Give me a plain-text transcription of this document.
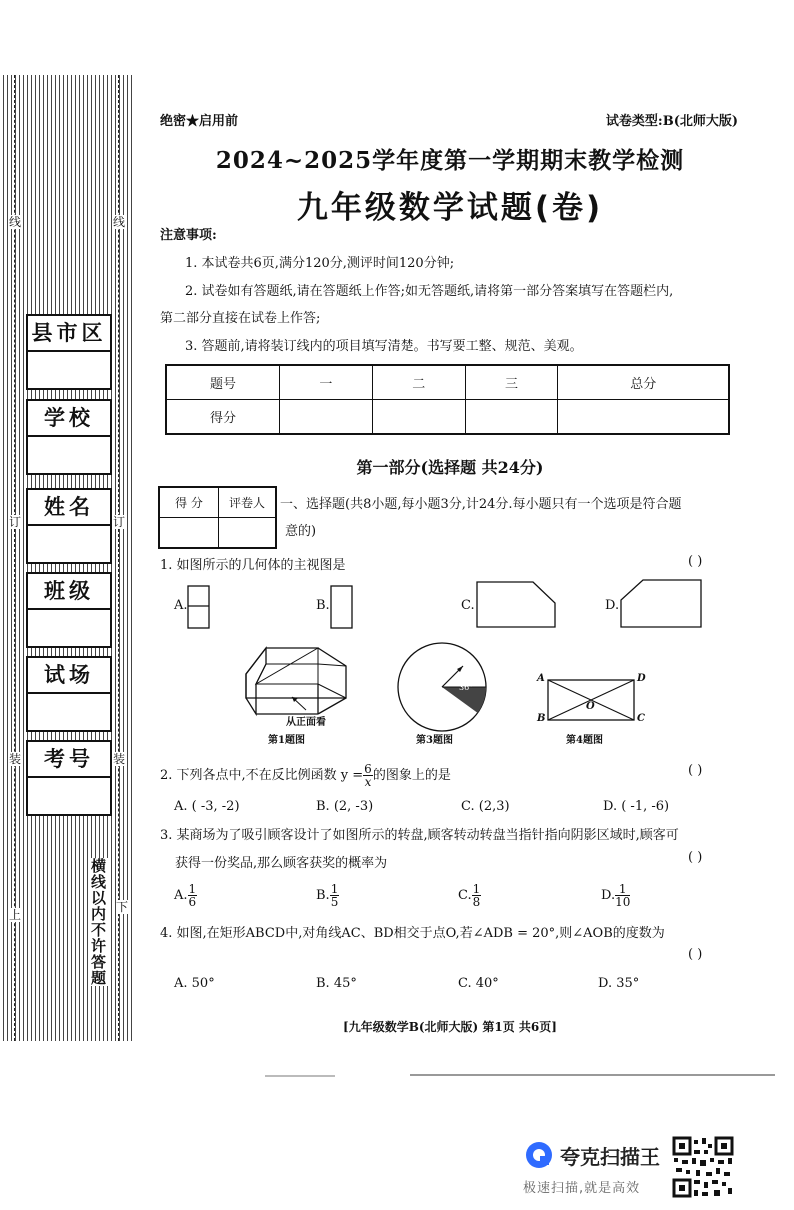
线	线
订	订
装	装
上
下
县市区
学校
姓名
班级
试场
考号
横线以内不许答题
绝密★启用前	试卷类型:B(北师大版)
2024~2025学年度第一学期期末教学检测
九年级数学试题(卷)
注意事项:
1. 本试卷共6页,满分120分,测评时间120分钟;
2. 试卷如有答题纸,请在答题纸上作答;如无答题纸,请将第一部分答案填写在答题栏内,
第二部分直接在试卷上作答;
3. 答题前,请将装订线内的项目填写清楚。书写要工整、规范、美观。
题号	一	二	三	总分
得分				
第一部分(选择题 共24分)
得 分	评卷人
	一、选择题(共8小题,每小题3分,计24分.每小题只有一个选项是符合题
意的)
1. 如图所示的几何体的主视图是	( )
A.	B.	C.	D.
从正面看
第1题图
36°
第3题图
A	D
B	C
O
第4题图
2. 下列各点中,不在反比例函数 $y = \frac{6}{x}$ 的图象上的是	( )
A. ( -3, -2)	B. (2, -3)	C. (2,3)	D. ( -1, -6)
3. 某商场为了吸引顾客设计了如图所示的转盘,顾客转动转盘当指针指向阴影区域时,顾客可
获得一份奖品,那么顾客获奖的概率为	( )
A. $\frac{1}{6}$	B. $\frac{1}{5}$	C. $\frac{1}{8}$	D. $\frac{1}{10}$
4. 如图,在矩形ABCD中,对角线AC、BD相交于点O,若∠ADB = 20°,则∠AOB的度数为
( )
A. 50°	B. 45°	C. 40°	D. 35°
[九年级数学B(北师大版) 第1页 共6页]
夸克扫描王
极速扫描,就是高效
